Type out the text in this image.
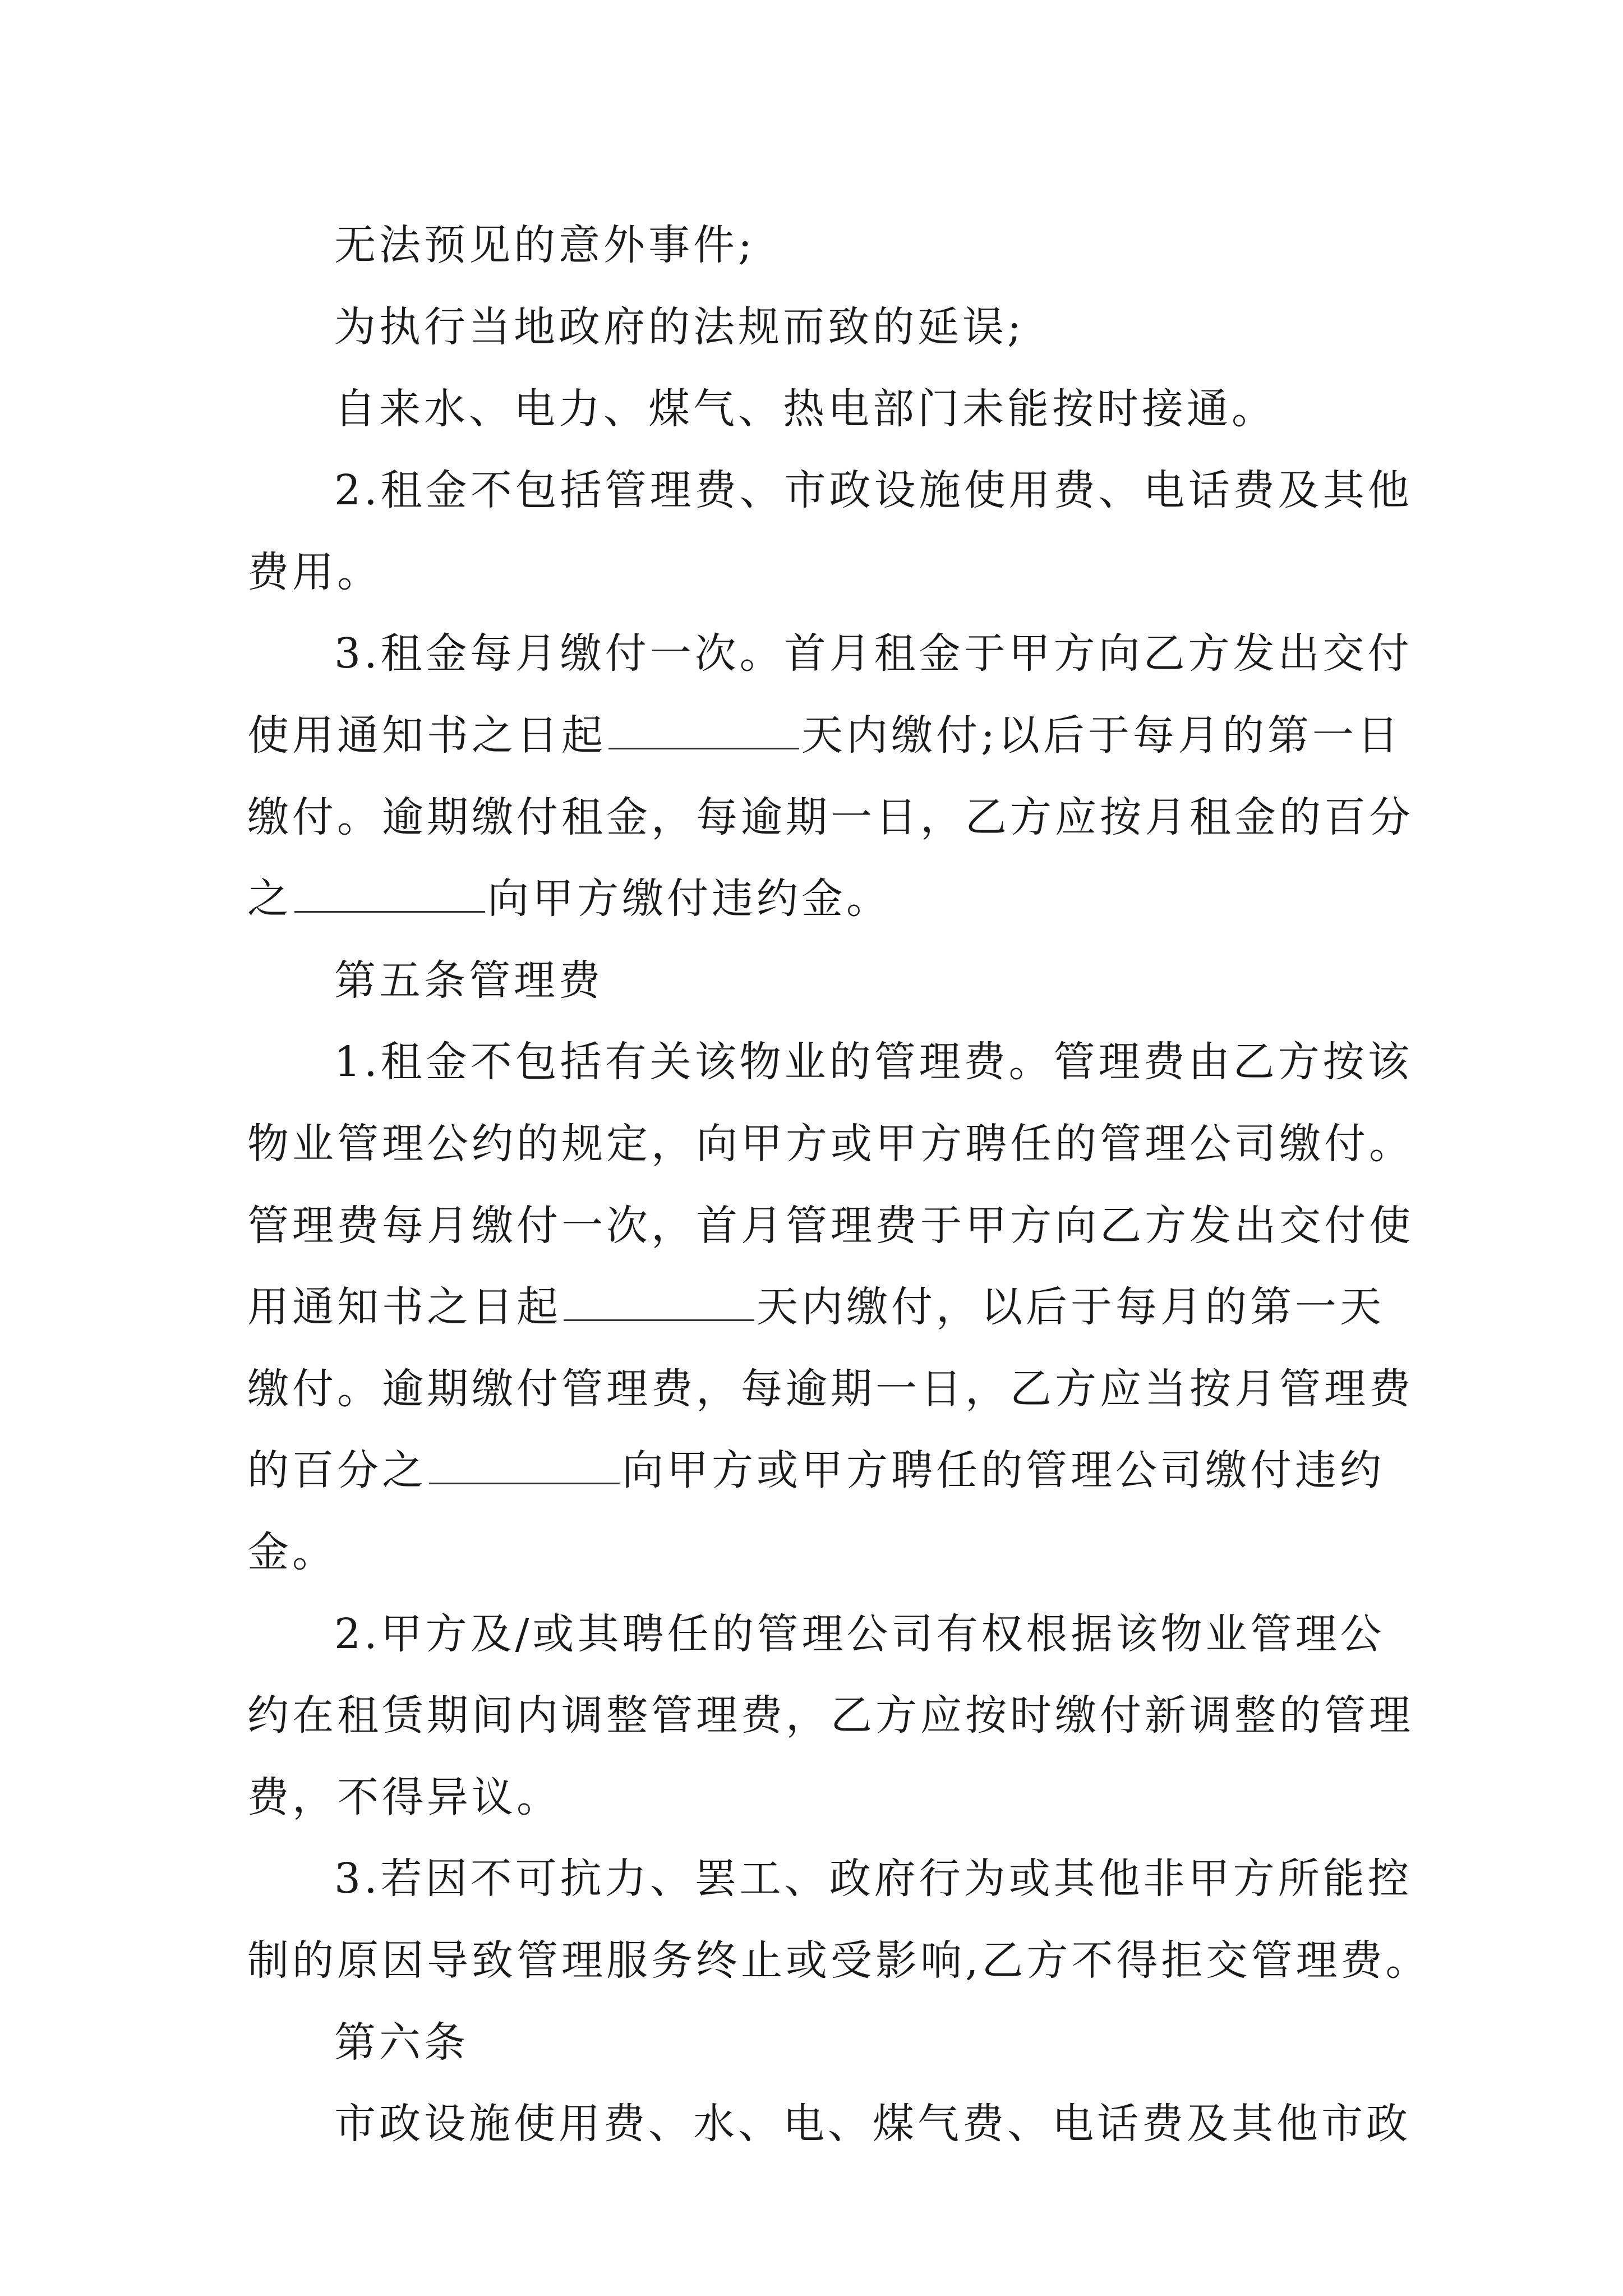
无法预见的意外事件;
为执行当地政府的法规而致的延误;
自来水、电力、煤气、热电部门未能按时接通。
2.租金不包括管理费、市政设施使用费、电话费及其他
费用。
3.租金每月缴付一次。首月租金于甲方向乙方发出交付
使用通知书之日起	天内缴付;以后于每月的第一日
缴付。逾期缴付租金，每逾期一日，乙方应按月租金的百分
之	向甲方缴付违约金。
第五条管理费
1.租金不包括有关该物业的管理费。管理费由乙方按该
物业管理公约的规定，向甲方或甲方聘任的管理公司缴付。
管理费每月缴付一次，首月管理费于甲方向乙方发出交付使
用通知书之日起	天内缴付，以后于每月的第一天
缴付。逾期缴付管理费，每逾期一日，乙方应当按月管理费
的百分之	向甲方或甲方聘任的管理公司缴付违约
金。
2.甲方及/或其聘任的管理公司有权根据该物业管理公
约在租赁期间内调整管理费，乙方应按时缴付新调整的管理
费，不得异议。
3.若因不可抗力、罢工、政府行为或其他非甲方所能控
制的原因导致管理服务终止或受影响,乙方不得拒交管理费。
第六条
市政设施使用费、水、电、煤气费、电话费及其他市政
